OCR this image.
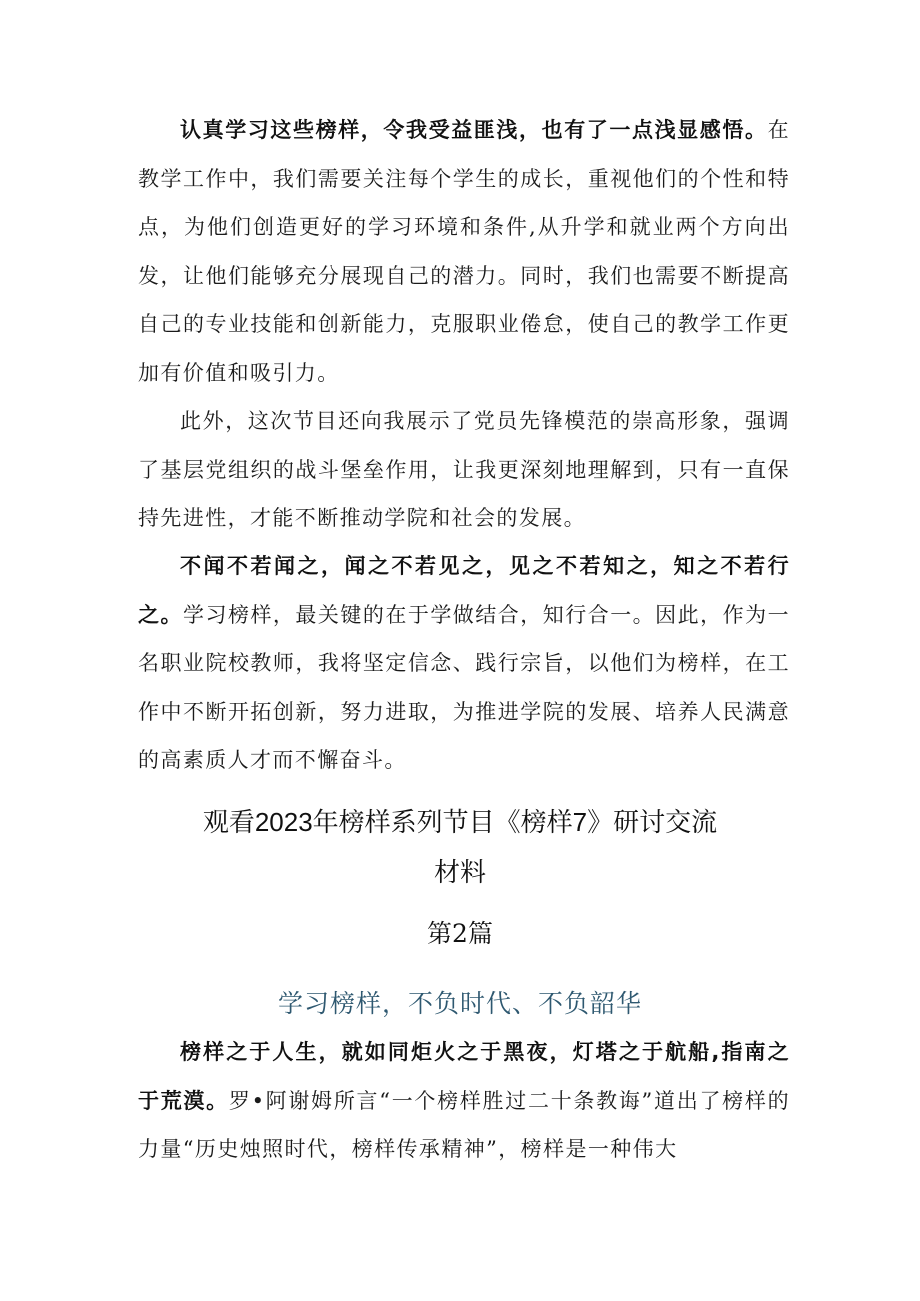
认真学习这些榜样，令我受益匪浅，也有了一点浅显感悟。在教学工作中，我们需要关注每个学生的成长，重视他们的个性和特点，为他们创造更好的学习环境和条件,从升学和就业两个方向出发，让他们能够充分展现自己的潜力。同时，我们也需要不断提高自己的专业技能和创新能力，克服职业倦怠，使自己的教学工作更加有价值和吸引力。

此外，这次节目还向我展示了党员先锋模范的崇高形象，强调了基层党组织的战斗堡垒作用，让我更深刻地理解到，只有一直保持先进性，才能不断推动学院和社会的发展。

不闻不若闻之，闻之不若见之，见之不若知之，知之不若行之。学习榜样，最关键的在于学做结合，知行合一。因此，作为一名职业院校教师，我将坚定信念、践行宗旨，以他们为榜样，在工作中不断开拓创新，努力进取，为推进学院的发展、培养人民满意的高素质人才而不懈奋斗。

观看2023年榜样系列节目《榜样7》研讨交流
材料
第2篇
学习榜样，不负时代、不负韶华

榜样之于人生，就如同炬火之于黑夜，灯塔之于航船,指南之于荒漠。罗•阿谢姆所言“一个榜样胜过二十条教诲”道出了榜样的力量“历史烛照时代，榜样传承精神”，榜样是一种伟大
